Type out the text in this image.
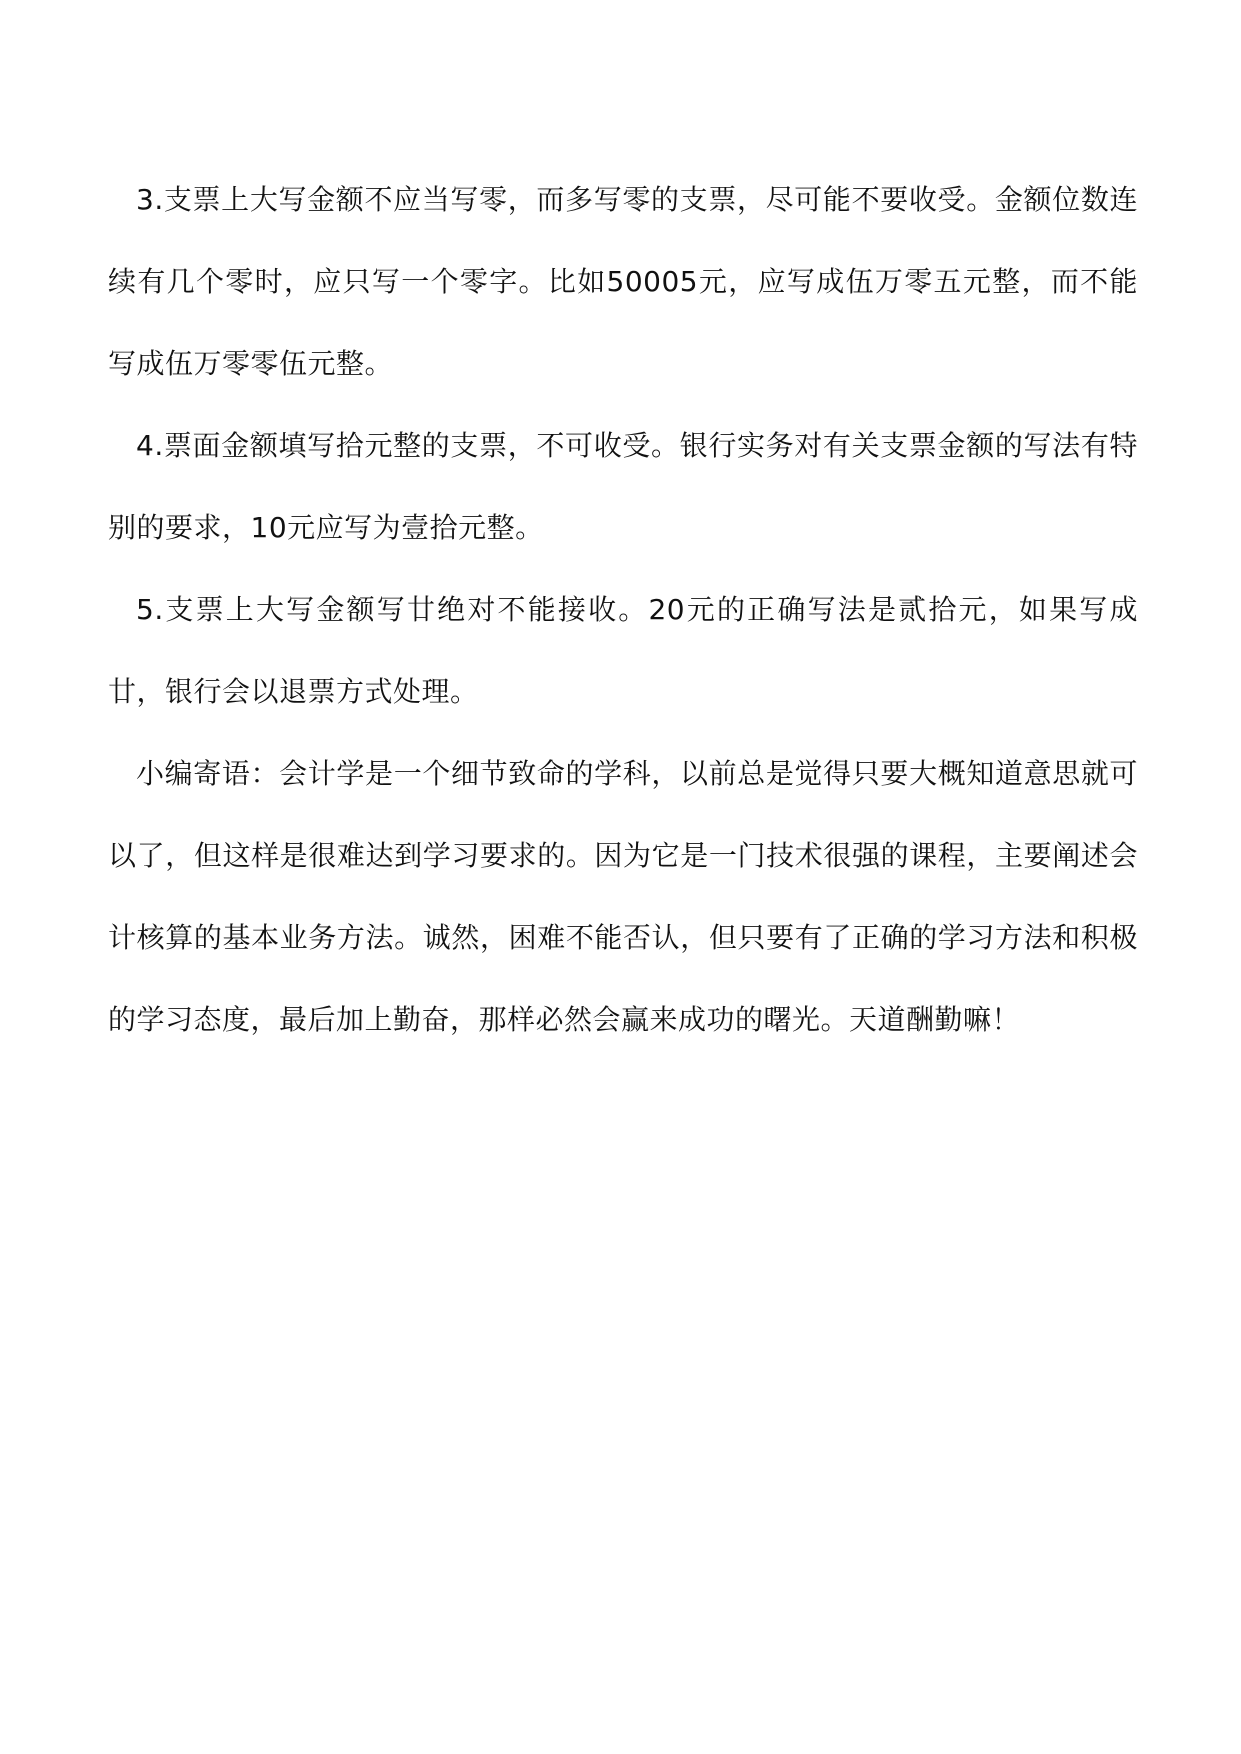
3.支票上大写金额不应当写零，而多写零的支票，尽可能不要收受。金额位数连续有几个零时，应只写一个零字。比如50005元，应写成伍万零五元整，而不能写成伍万零零伍元整。

4.票面金额填写拾元整的支票，不可收受。银行实务对有关支票金额的写法有特别的要求，10元应写为壹拾元整。

5.支票上大写金额写廿绝对不能接收。20元的正确写法是贰拾元，如果写成廿，银行会以退票方式处理。

小编寄语：会计学是一个细节致命的学科，以前总是觉得只要大概知道意思就可以了，但这样是很难达到学习要求的。因为它是一门技术很强的课程，主要阐述会计核算的基本业务方法。诚然，困难不能否认，但只要有了正确的学习方法和积极的学习态度，最后加上勤奋，那样必然会赢来成功的曙光。天道酬勤嘛！
